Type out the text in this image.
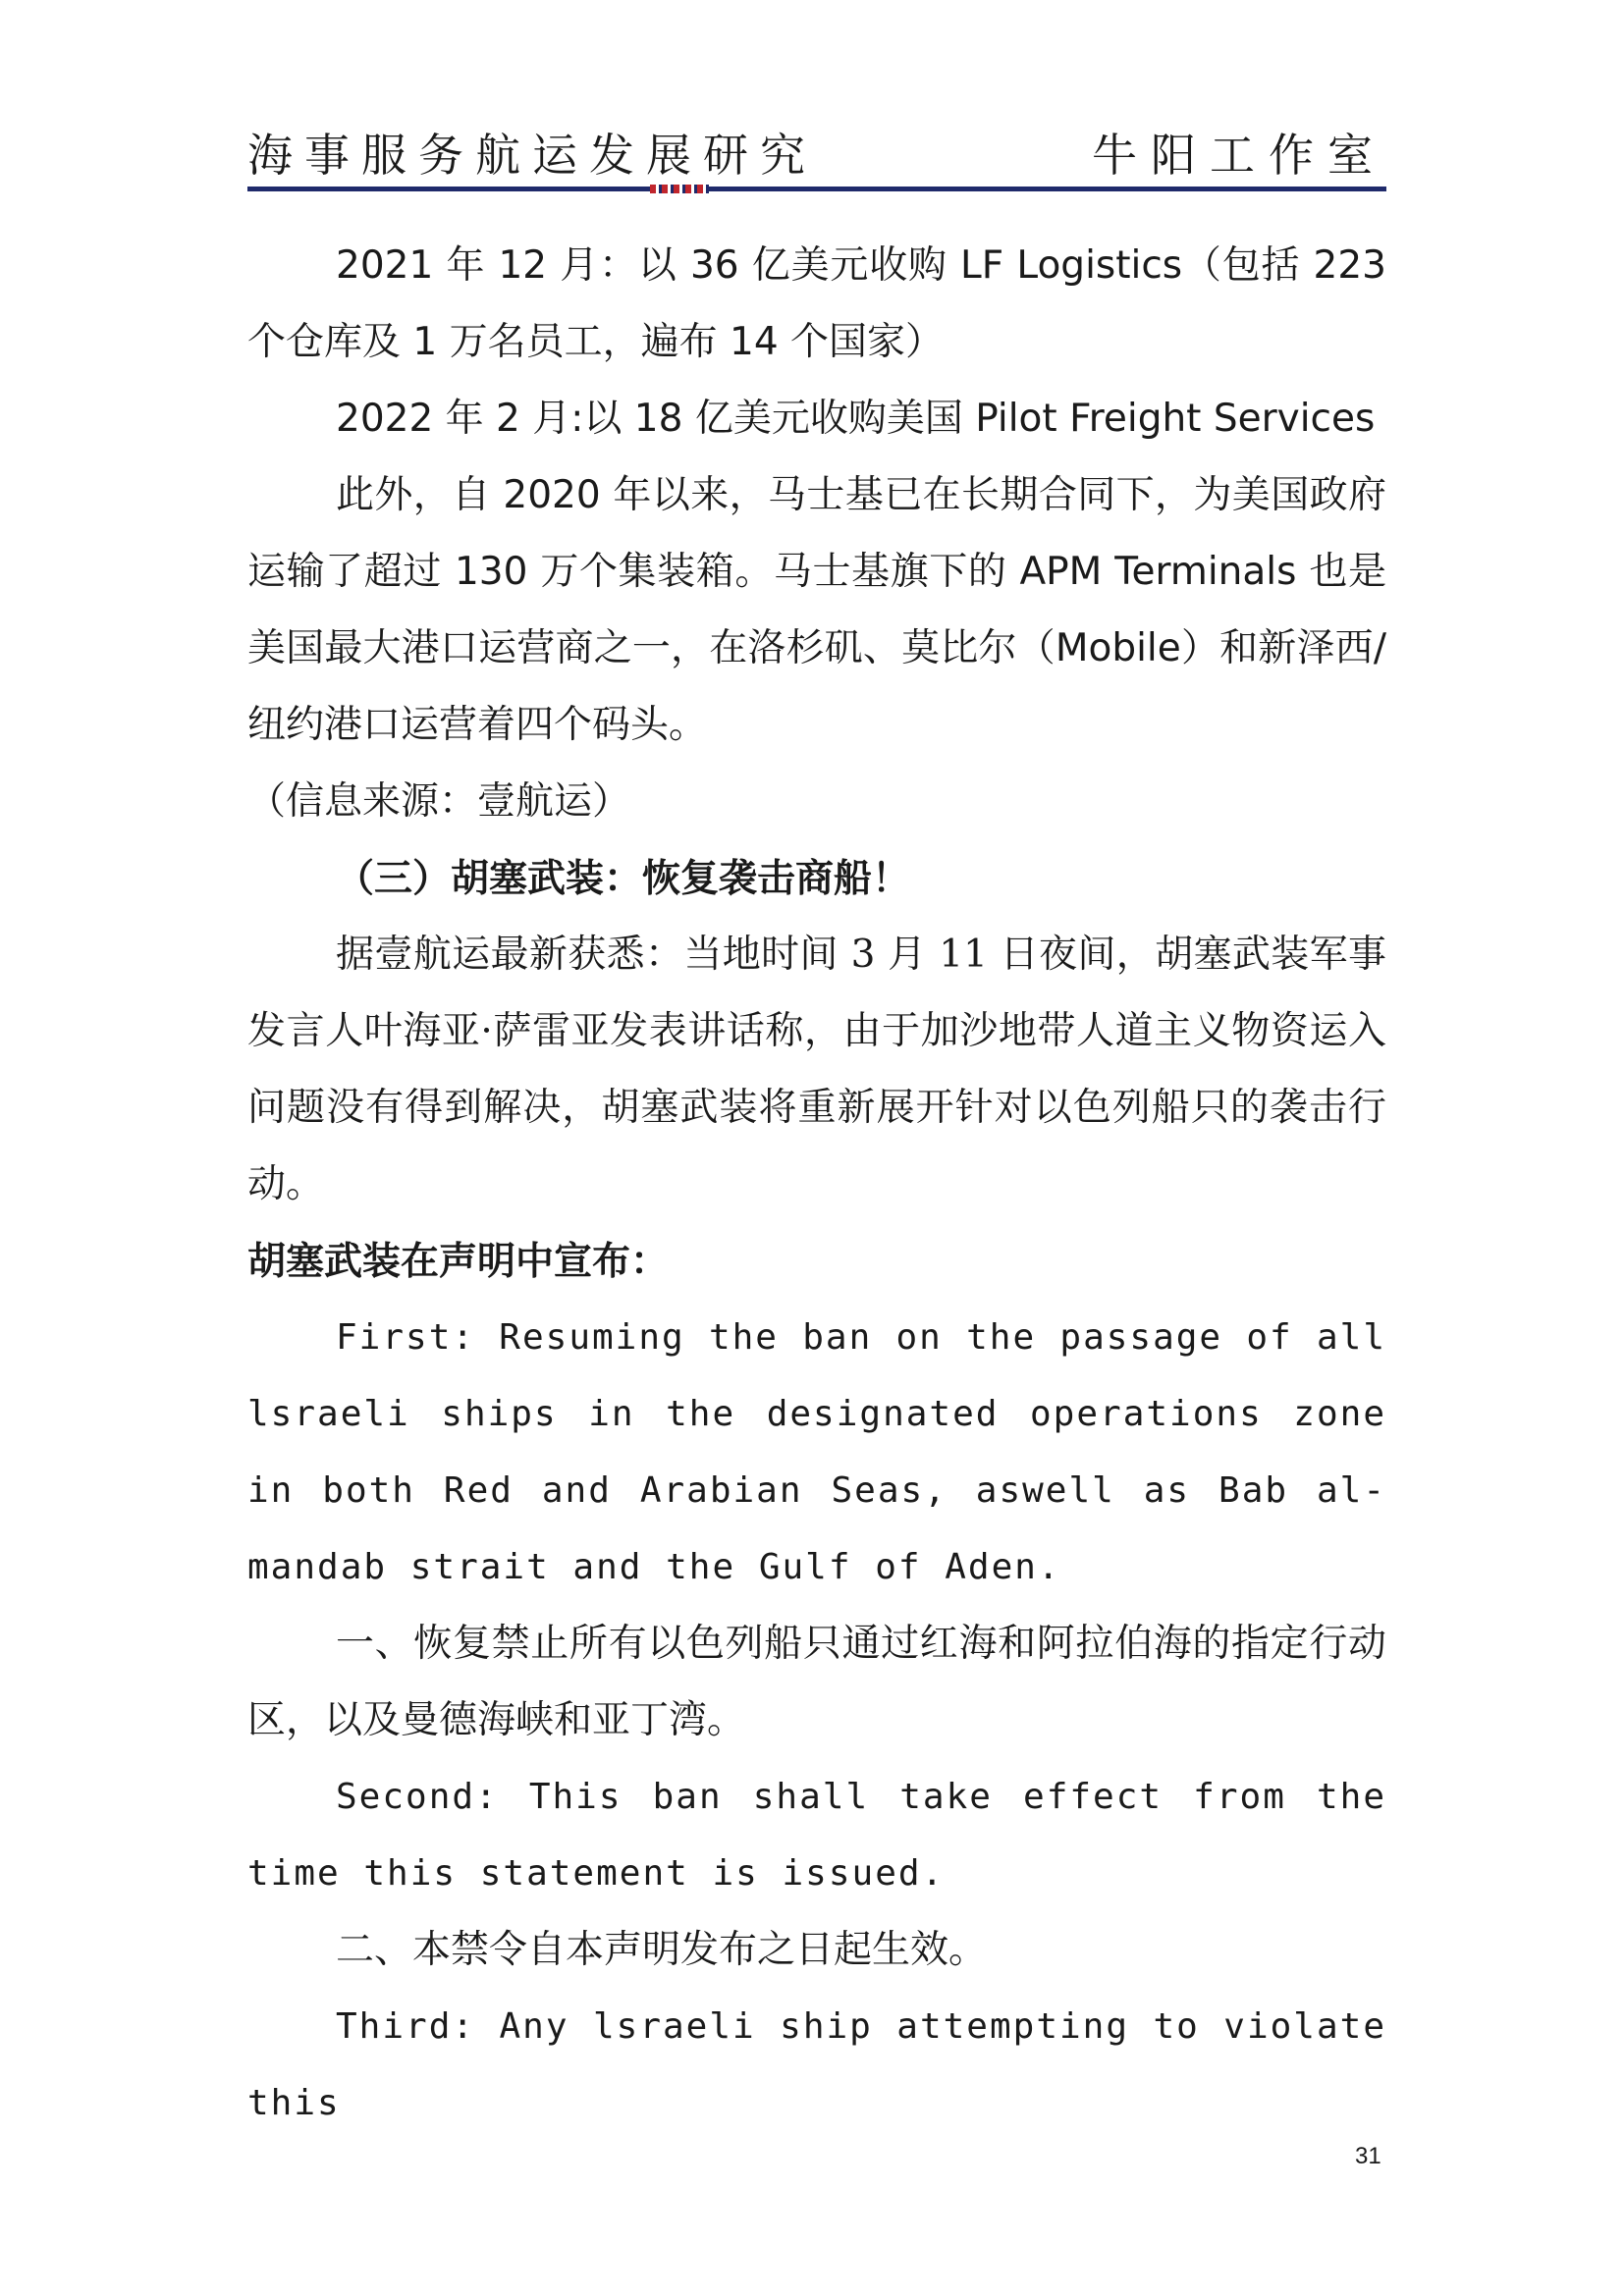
海事服务航运发展研究	牛阳工作室

2021 年 12 月：以 36 亿美元收购 LF Logistics（包括 223 个仓库及 1 万名员工，遍布 14 个国家）

2022 年 2 月:以 18 亿美元收购美国 Pilot Freight Services

此外，自 2020 年以来，马士基已在长期合同下，为美国政府运输了超过 130 万个集装箱。马士基旗下的 APM Terminals 也是美国最大港口运营商之一，在洛杉矶、莫比尔（Mobile）和新泽西/纽约港口运营着四个码头。

（信息来源：壹航运）

（三）胡塞武装：恢复袭击商船！

据壹航运最新获悉：当地时间 3 月 11 日夜间，胡塞武装军事发言人叶海亚·萨雷亚发表讲话称，由于加沙地带人道主义物资运入问题没有得到解决，胡塞武装将重新展开针对以色列船只的袭击行动。

胡塞武装在声明中宣布：

First: Resuming the ban on the passage of all lsraeli ships in the designated operations zone in both Red and Arabian Seas, aswell as Bab al-mandab strait and the Gulf of Aden.

一、恢复禁止所有以色列船只通过红海和阿拉伯海的指定行动区，以及曼德海峡和亚丁湾。

Second: This ban shall take effect from the time this statement is issued.

二、本禁令自本声明发布之日起生效。

Third: Any lsraeli ship attempting to violate this

31
